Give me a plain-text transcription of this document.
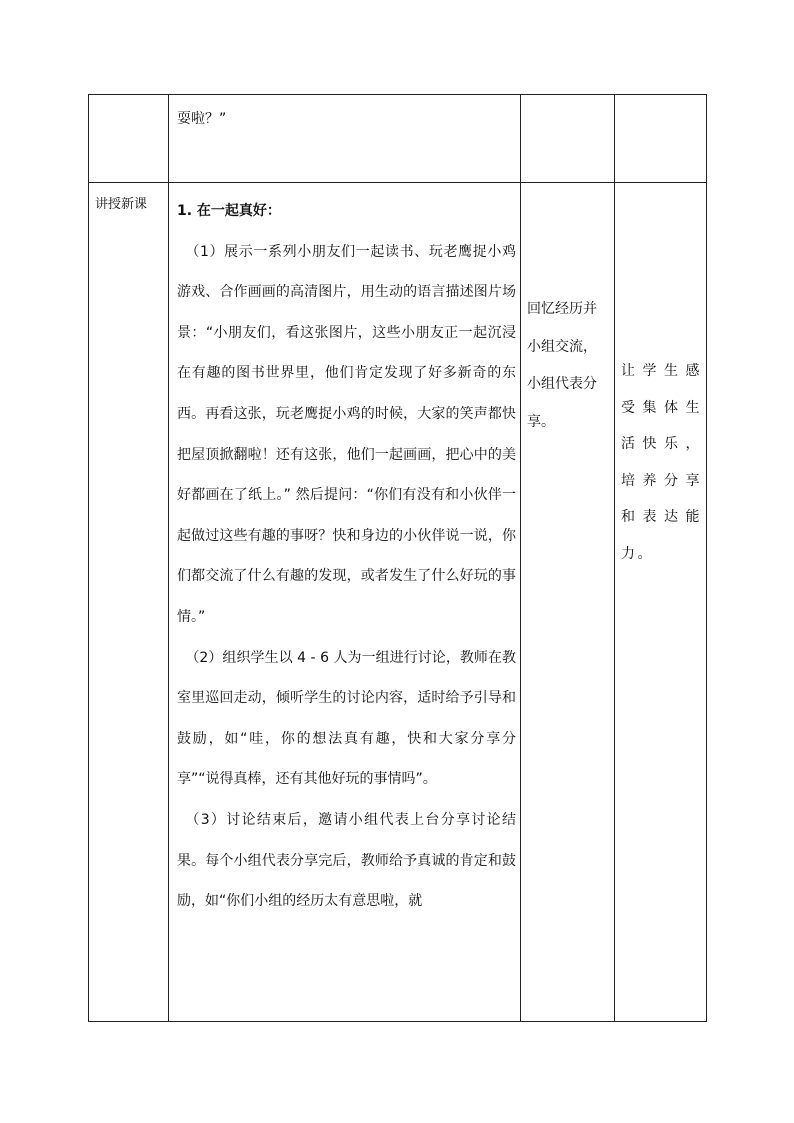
	耍啦？”		

讲授新课	1. 在一起真好：

（1）展示一系列小朋友们一起读书、玩老鹰捉小鸡游戏、合作画画的高清图片，用生动的语言描述图片场景：“小朋友们，看这张图片，这些小朋友正一起沉浸在有趣的图书世界里，他们肯定发现了好多新奇的东西。再看这张，玩老鹰捉小鸡的时候，大家的笑声都快把屋顶掀翻啦！还有这张，他们一起画画，把心中的美好都画在了纸上。” 然后提问：“你们有没有和小伙伴一起做过这些有趣的事呀？快和身边的小伙伴说一说，你们都交流了什么有趣的发现，或者发生了什么好玩的事情。”

（2）组织学生以 4 - 6 人为一组进行讨论，教师在教室里巡回走动，倾听学生的讨论内容，适时给予引导和鼓励，如“哇，你的想法真有趣，快和大家分享分享”“说得真棒，还有其他好玩的事情吗”。

（3）讨论结束后，邀请小组代表上台分享讨论结果。每个小组代表分享完后，教师给予真诚的肯定和鼓励，如“你们小组的经历太有意思啦，就	回忆经历并小组交流，小组代表分享。	让学生感受集体生活快乐，培养分享和表达能力。
